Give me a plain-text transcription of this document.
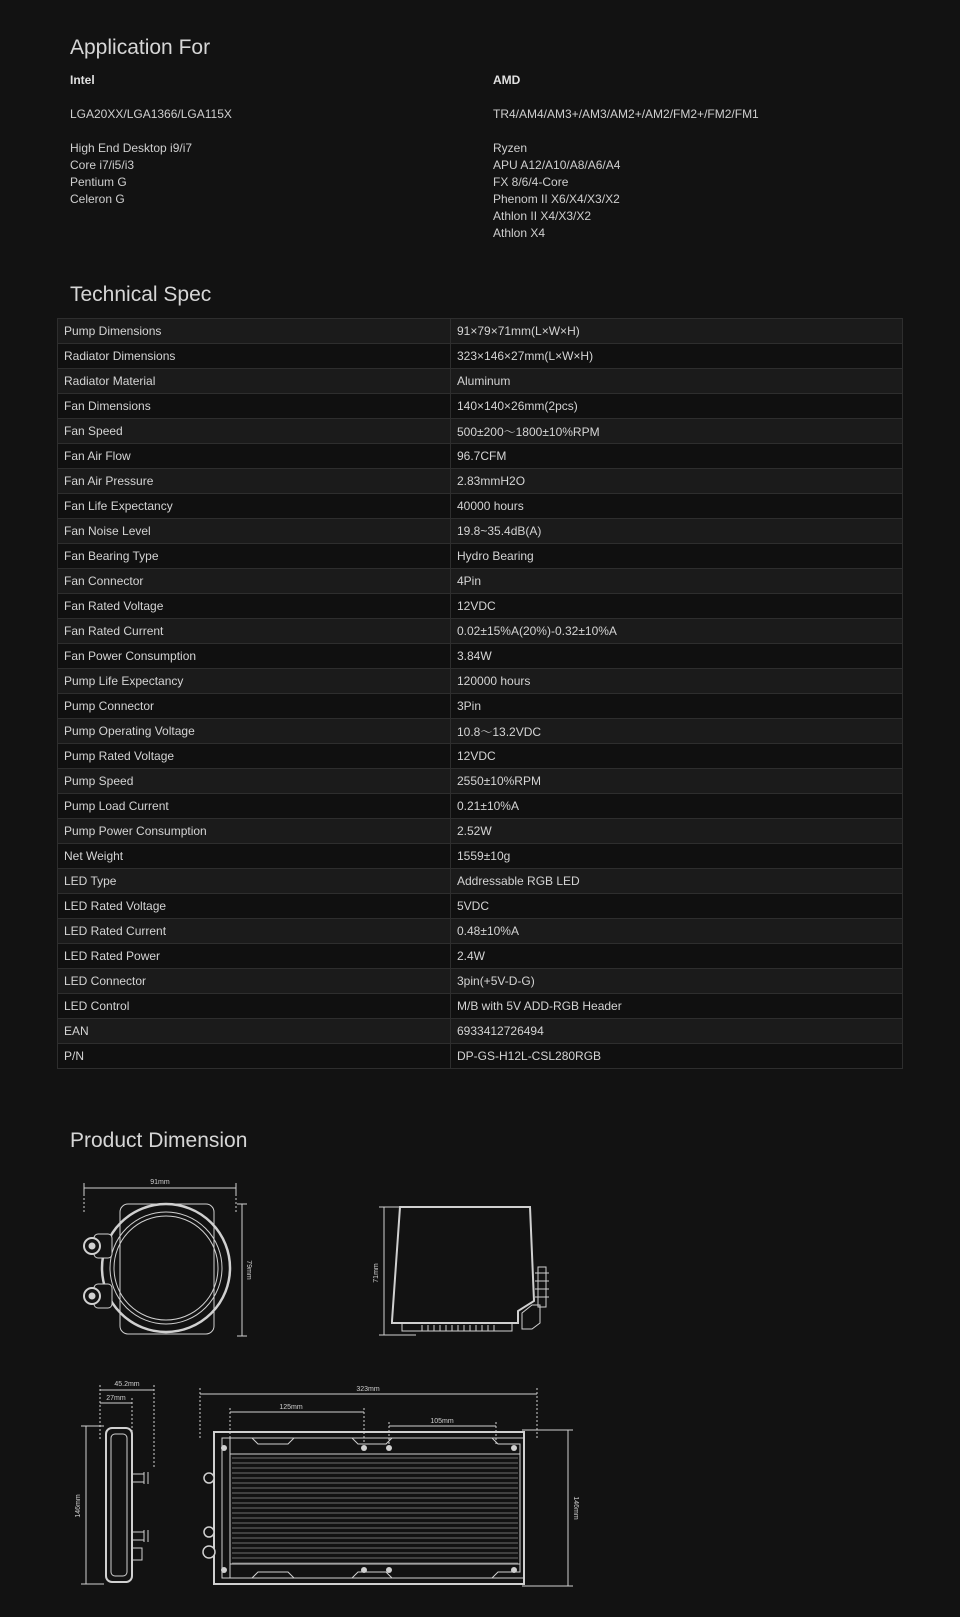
Application For
Intel
LGA20XX/LGA1366/LGA115X
High End Desktop i9/i7
Core i7/i5/i3
Pentium G
Celeron G
AMD
TR4/AM4/AM3+/AM3/AM2+/AM2/FM2+/FM2/FM1
Ryzen
APU A12/A10/A8/A6/A4
FX 8/6/4-Core
Phenom II X6/X4/X3/X2
Athlon II X4/X3/X2
Athlon X4
Technical Spec
Pump Dimensions	91×79×71mm(L×W×H)
Radiator Dimensions	323×146×27mm(L×W×H)
Radiator Material	Aluminum
Fan Dimensions	140×140×26mm(2pcs)
Fan Speed	500±200～1800±10%RPM
Fan Air Flow	96.7CFM
Fan Air Pressure	2.83mmH2O
Fan Life Expectancy	40000 hours
Fan Noise Level	19.8~35.4dB(A)
Fan Bearing Type	Hydro Bearing
Fan Connector	4Pin
Fan Rated Voltage	12VDC
Fan Rated Current	0.02±15%A(20%)-0.32±10%A
Fan Power Consumption	3.84W
Pump Life Expectancy	120000 hours
Pump Connector	3Pin
Pump Operating Voltage	10.8～13.2VDC
Pump Rated Voltage	12VDC
Pump Speed	2550±10%RPM
Pump Load Current	0.21±10%A
Pump Power Consumption	2.52W
Net Weight	1559±10g
LED Type	Addressable RGB LED
LED Rated Voltage	5VDC
LED Rated Current	0.48±10%A
LED Rated Power	2.4W
LED Connector	3pin(+5V-D-G)
LED Control	M/B with 5V ADD-RGB Header
EAN	6933412726494
P/N	DP-GS-H12L-CSL280RGB
Product Dimension
91mm
79mm	71mm
45.2mm
27mm
146mm
323mm
125mm
105mm
146mm
